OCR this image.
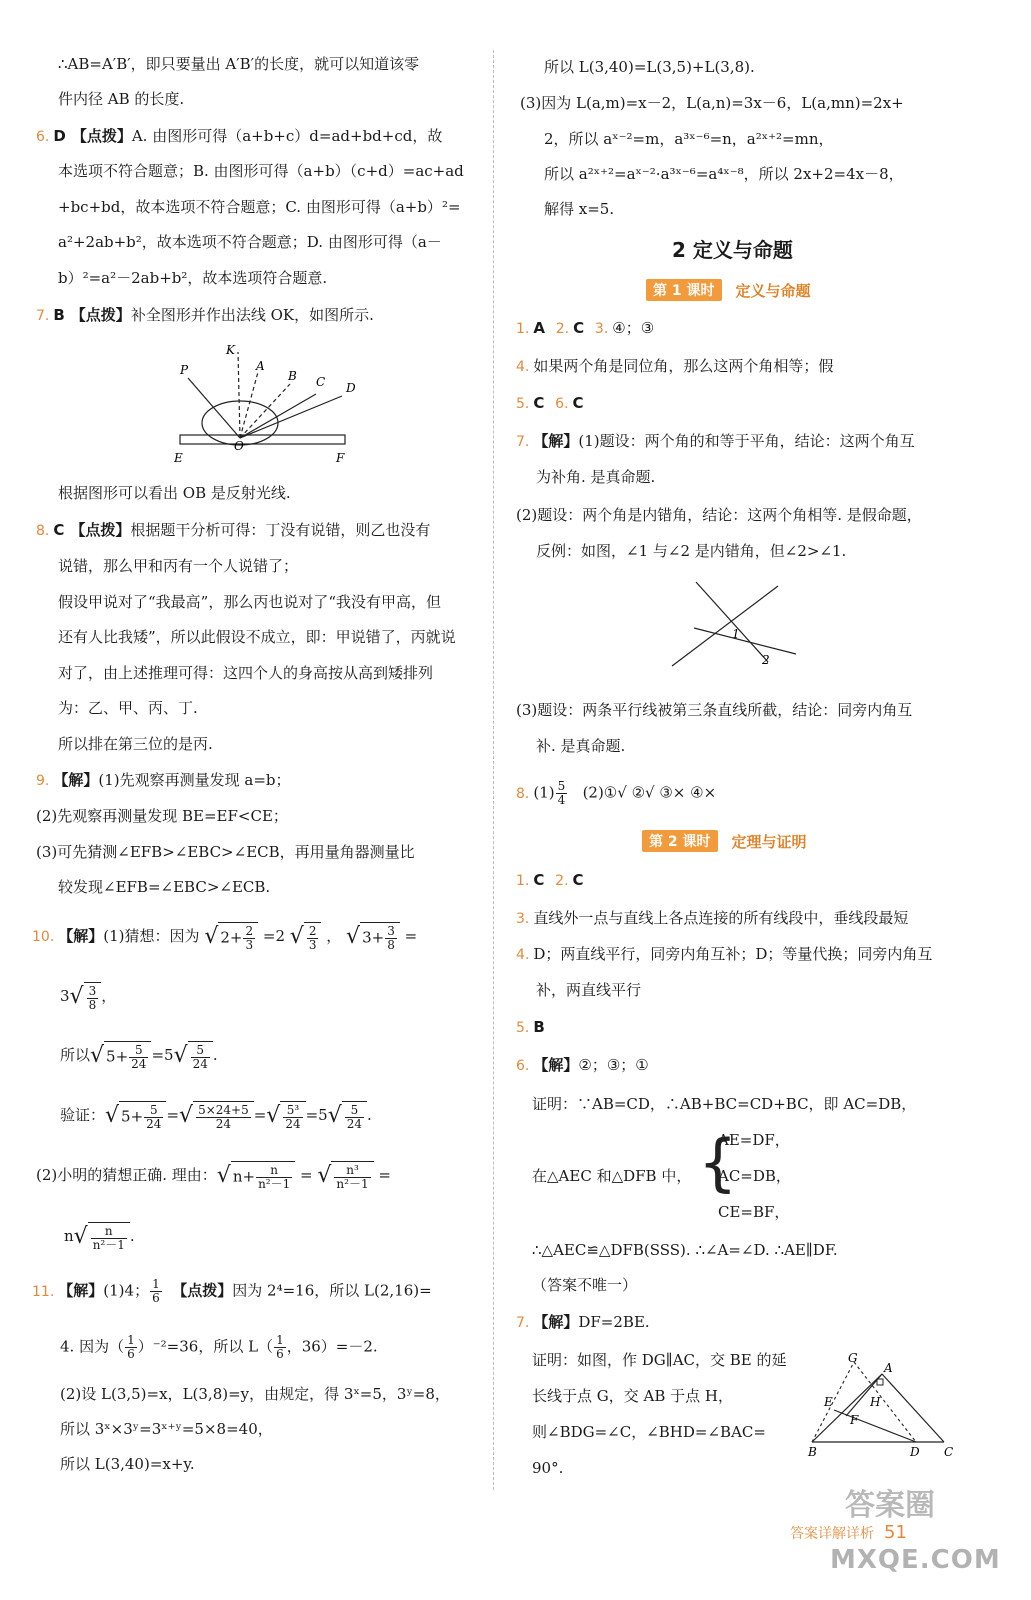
∴AB=A′B′，即只要量出 A′B′的长度，就可以知道该零
件内径 AB 的长度.
6. D 【点拨】A. 由图形可得（a+b+c）d=ad+bd+cd，故
本选项不符合题意；B. 由图形可得（a+b）（c+d）=ac+ad
+bc+bd，故本选项不符合题意；C. 由图形可得（a+b）²=
a²+2ab+b²，故本选项不符合题意；D. 由图形可得（a－
b）²=a²－2ab+b²，故本选项符合题意.
7. B 【点拨】补全图形并作出法线 OK，如图所示.
K
P	A
B C D
O
E	F
根据图形可以看出 OB 是反射光线.
8. C 【点拨】根据题干分析可得：丁没有说错，则乙也没有
说错，那么甲和丙有一个人说错了；
假设甲说对了“我最高”，那么丙也说对了“我没有甲高，但
还有人比我矮”，所以此假设不成立，即：甲说错了，丙就说
对了，由上述推理可得：这四个人的身高按从高到矮排列
为：乙、甲、丙、丁.
所以排在第三位的是丙.
9. 【解】(1)先观察再测量发现 a=b；
(2)先观察再测量发现 BE=EF<CE；
(3)可先猜测∠EFB>∠EBC>∠ECB，再用量角器测量比
较发现∠EFB=∠EBC>∠ECB.
10. 【解】(1)猜想：因为 √ $2+ \frac{2}{3} =2$ √ $\frac{2}{3}$ ， √ $3+ \frac{3}{8}$ =
$3√ \frac{3}{8}$ ，
所以√ $5+ \frac{5}{24} =5√ \frac{5}{24}$ .
验证：√ $5+ \frac{5}{24}$ =√ $\frac{5\times 24+5}{24}$ =√ $\frac{\text{5³}}{24} =5√ \frac{5}{24}$ .
(2)小明的猜想正确. 理由：√ $n+ \frac{n}{\text{n²－1}}$ = √ $\frac{\text{n³}}{\text{n²－1}}$ =
$n√ \frac{n}{\text{n²－1}}$ .
11. 【解】(1)4； $\frac{1}{6}$ 【点拨】因为 2⁴=16，所以 L(2,16)=
4. 因为（ $\frac{1}{6} )^{-2}=36$，所以 $L( \frac{1}{6}$ ，36）=－2.
(2)设 L(3,5)=x，L(3,8)=y，由规定，得 3ˣ=5，3ʸ=8，
所以 3ˣ×3ʸ=3ˣ⁺ʸ=5×8=40，
所以 L(3,40)=x+y.
所以 L(3,40)=L(3,5)+L(3,8).
(3)因为 L(a,m)=x－2，L(a,n)=3x－6，L(a,mn)=2x+
2，所以 aˣ⁻²=m，a³ˣ⁻⁶=n，a²ˣ⁺²=mn，
所以 a²ˣ⁺²=aˣ⁻²·a³ˣ⁻⁶=a⁴ˣ⁻⁸，所以 2x+2=4x－8，
解得 x=5.
2 定义与命题
第 1 课时	定义与命题
1. A 2. C 3. ④；③
4. 如果两个角是同位角，那么这两个角相等；假
5. C 6. C
7. 【解】(1)题设：两个角的和等于平角，结论：这两个角互
为补角. 是真命题.
(2)题设：两个角是内错角，结论：这两个角相等. 是假命题，
反例：如图，∠1 与∠2 是内错角，但∠2>∠1.
1
2
(3)题设：两条平行线被第三条直线所截，结论：同旁内角互
补. 是真命题.
8. $(1) \frac{5}{4}$ (2)①√ ②√ ③× ④×
第 2 课时	定理与证明
1. C 2. C
3. 直线外一点与直线上各点连接的所有线段中，垂线段最短
4. D；两直线平行，同旁内角互补；D；等量代换；同旁内角互
补，两直线平行
5. B
6. 【解】②；③；①
证明：∵AB=CD，∴AB+BC=CD+BC，即 AC=DB，
在△AEC 和△DFB 中， {
AE=DF，
AC=DB，
CE=BF，
∴△AEC≌△DFB(SSS). ∴∠A=∠D. ∴AE∥DF.
（答案不唯一）
7. 【解】DF=2BE.
证明：如图，作 DG∥AC，交 BE 的延
长线于点 G，交 AB 于点 H，
则∠BDG=∠C，∠BHD=∠BAC=
90°.
G
A
E	H
F
B	D C
答案圈
答案详解详析 51
MXQE.COM
